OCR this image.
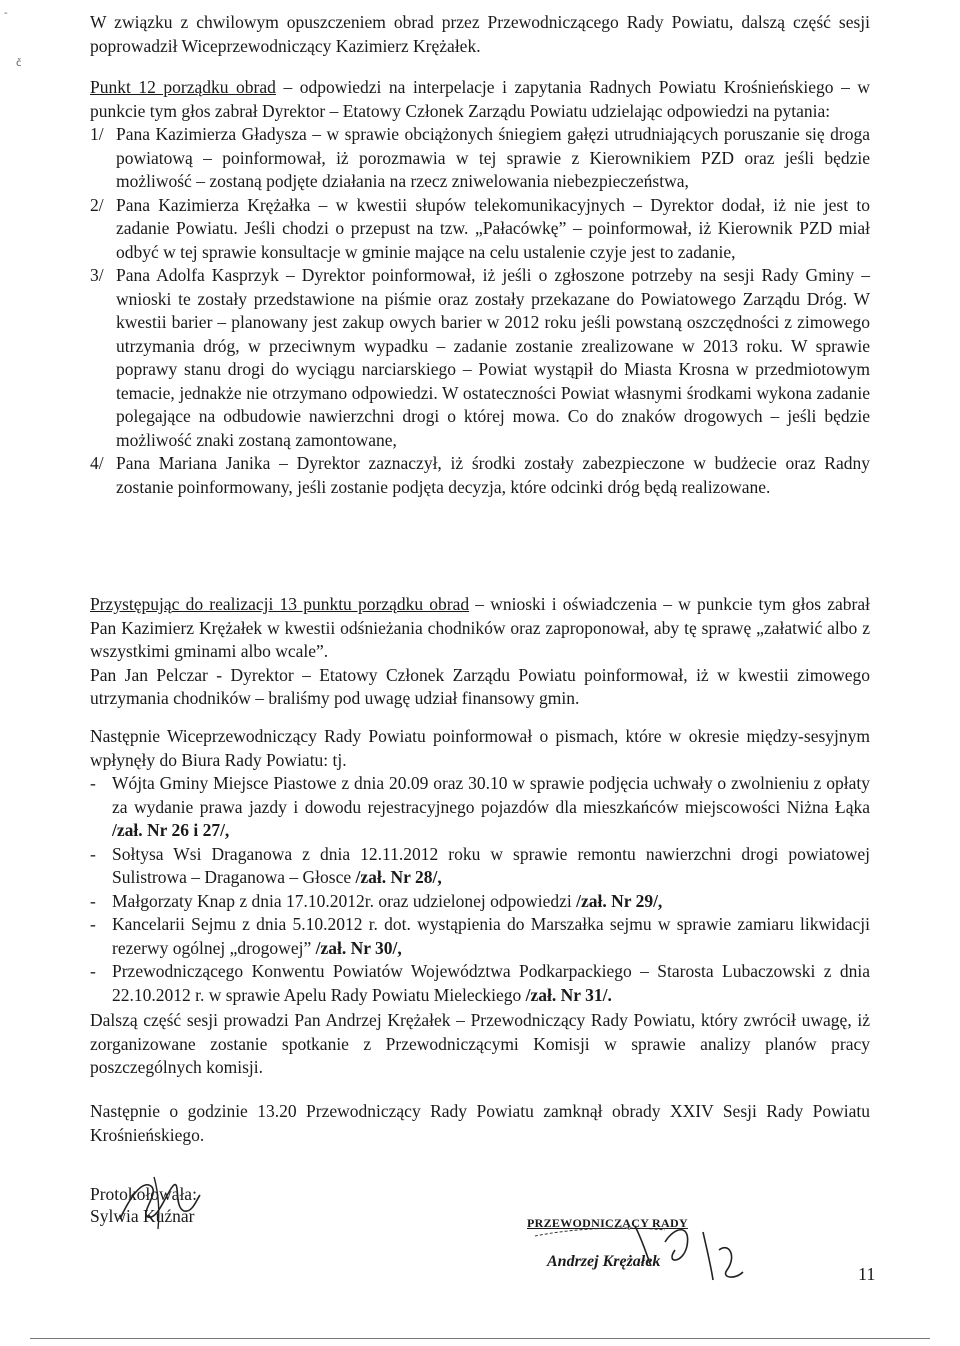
-
č

W związku z chwilowym opuszczeniem obrad przez Przewodniczącego Rady Powiatu, dalszą część sesji poprowadził Wiceprzewodniczący Kazimierz Krężałek.

Punkt 12 porządku obrad – odpowiedzi na interpelacje i zapytania Radnych Powiatu Krośnieńskiego – w punkcie tym głos zabrał Dyrektor – Etatowy Członek Zarządu Powiatu udzielając odpowiedzi na pytania:

1/ Pana Kazimierza Gładysza – w sprawie obciążonych śniegiem gałęzi utrudniających poruszanie się droga powiatową – poinformował, iż porozmawia w tej sprawie z Kierownikiem PZD oraz jeśli będzie możliwość – zostaną podjęte działania na rzecz zniwelowania niebezpieczeństwa,
2/ Pana Kazimierza Krężałka – w kwestii słupów telekomunikacyjnych – Dyrektor dodał, iż nie jest to zadanie Powiatu. Jeśli chodzi o przepust na tzw. „Pałacówkę” – poinformował, iż Kierownik PZD miał odbyć w tej sprawie konsultacje w gminie mające na celu ustalenie czyje jest to zadanie,
3/ Pana Adolfa Kasprzyk – Dyrektor poinformował, iż jeśli o zgłoszone potrzeby na sesji Rady Gminy – wnioski te zostały przedstawione na piśmie oraz zostały przekazane do Powiatowego Zarządu Dróg. W kwestii barier – planowany jest zakup owych barier w 2012 roku jeśli powstaną oszczędności z zimowego utrzymania dróg, w przeciwnym wypadku – zadanie zostanie zrealizowane w 2013 roku. W sprawie poprawy stanu drogi do wyciągu narciarskiego – Powiat wystąpił do Miasta Krosna w przedmiotowym temacie, jednakże nie otrzymano odpowiedzi. W ostateczności Powiat własnymi środkami wykona zadanie polegające na odbudowie nawierzchni drogi o której mowa. Co do znaków drogowych – jeśli będzie możliwość znaki zostaną zamontowane,
4/ Pana Mariana Janika – Dyrektor zaznaczył, iż środki zostały zabezpieczone w budżecie oraz Radny zostanie poinformowany, jeśli zostanie podjęta decyzja, które odcinki dróg będą realizowane.

Przystępując do realizacji 13 punktu porządku obrad – wnioski i oświadczenia – w punkcie tym głos zabrał Pan Kazimierz Krężałek w kwestii odśnieżania chodników oraz zaproponował, aby tę sprawę „załatwić albo z wszystkimi gminami albo wcale”.

Pan Jan Pelczar - Dyrektor – Etatowy Członek Zarządu Powiatu poinformował, iż w kwestii zimowego utrzymania chodników – braliśmy pod uwagę udział finansowy gmin.

Następnie Wiceprzewodniczący Rady Powiatu poinformował o pismach, które w okresie między-sesyjnym wpłynęły do Biura Rady Powiatu: tj.

- Wójta Gminy Miejsce Piastowe z dnia 20.09 oraz 30.10 w sprawie podjęcia uchwały o zwolnieniu z opłaty za wydanie prawa jazdy i dowodu rejestracyjnego pojazdów dla mieszkańców miejscowości Niżna Łąka /zał. Nr 26 i 27/,
- Sołtysa Wsi Draganowa z dnia 12.11.2012 roku w sprawie remontu nawierzchni drogi powiatowej Sulistrowa – Draganowa – Głosce /zał. Nr 28/,
- Małgorzaty Knap z dnia 17.10.2012r. oraz udzielonej odpowiedzi /zał. Nr 29/,
- Kancelarii Sejmu z dnia 5.10.2012 r. dot. wystąpienia do Marszałka sejmu w sprawie zamiaru likwidacji rezerwy ogólnej „drogowej” /zał. Nr 30/,
- Przewodniczącego Konwentu Powiatów Województwa Podkarpackiego – Starosta Lubaczowski z dnia 22.10.2012 r. w sprawie Apelu Rady Powiatu Mieleckiego /zał. Nr 31/.

Dalszą część sesji prowadzi Pan Andrzej Krężałek – Przewodniczący Rady Powiatu, który zwrócił uwagę, iż zorganizowane zostanie spotkanie z Przewodniczącymi Komisji w sprawie analizy planów pracy poszczególnych komisji.

Następnie o godzinie 13.20 Przewodniczący Rady Powiatu zamknął obrady XXIV Sesji Rady Powiatu Krośnieńskiego.

Protokołowała:
Sylwia Kuźnar	PRZEWODNICZĄCY RADY
Andrzej Krężałek
11
